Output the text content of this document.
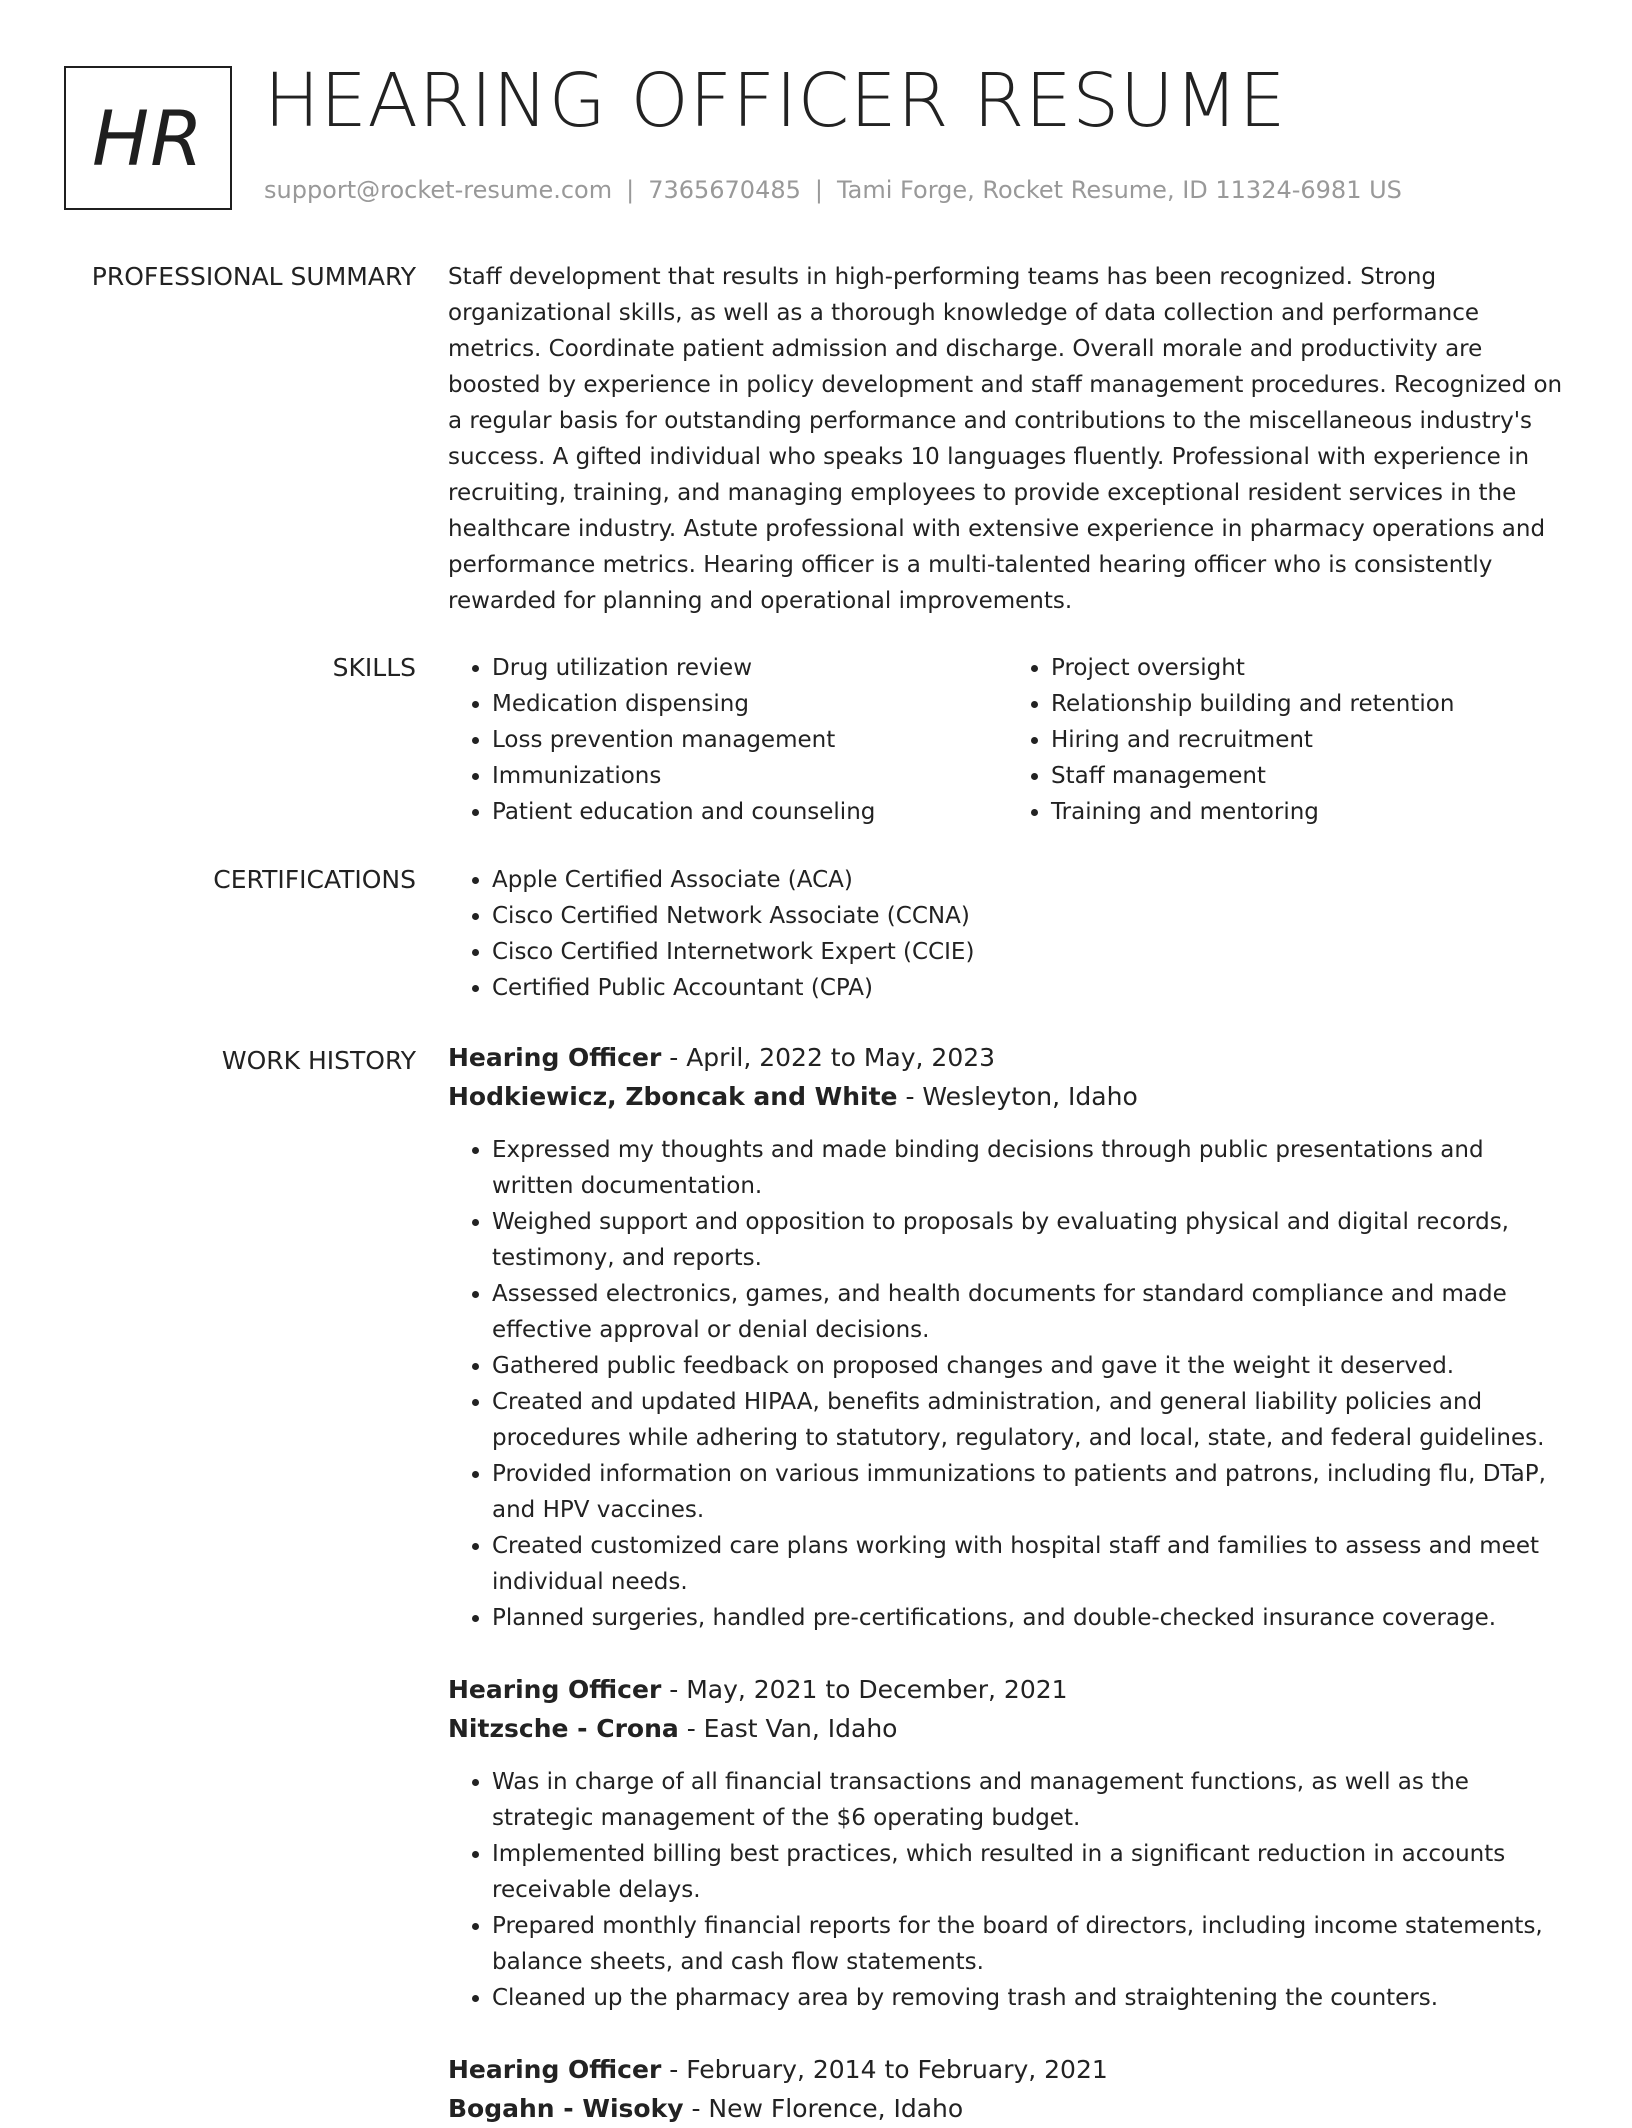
HR HEARING OFFICER RESUME
support@rocket-resume.com | 7365670485 | Tami Forge, Rocket Resume, ID 11324-6981 US
PROFESSIONAL SUMMARY Staff development that results in high-performing teams has been recognized. Strong organizational skills, as well as a thorough knowledge of data collection and performance metrics. Coordinate patient admission and discharge. Overall morale and productivity are boosted by experience in policy development and staff management procedures. Recognized on a regular basis for outstanding performance and contributions to the miscellaneous industry's success. A gifted individual who speaks 10 languages fluently. Professional with experience in recruiting, training, and managing employees to provide exceptional resident services in the healthcare industry. Astute professional with extensive experience in pharmacy operations and performance metrics. Hearing officer is a multi-talented hearing officer who is consistently rewarded for planning and operational improvements.

SKILLS	• Drug utilization review
• Medication dispensing
• Loss prevention management
• Immunizations
• Patient education and counseling
• Project oversight
• Relationship building and retention
• Hiring and recruitment
• Staff management
• Training and mentoring
CERTIFICATIONS	• Apple Certified Associate (ACA)
• Cisco Certified Network Associate (CCNA)
• Cisco Certified Internetwork Expert (CCIE)
• Certified Public Accountant (CPA)
WORK HISTORY Hearing Officer - April, 2022 to May, 2023
Hodkiewicz, Zboncak and White - Wesleyton, Idaho
• Expressed my thoughts and made binding decisions through public presentations and written documentation.
• Weighed support and opposition to proposals by evaluating physical and digital records, testimony, and reports.
• Assessed electronics, games, and health documents for standard compliance and made effective approval or denial decisions.
• Gathered public feedback on proposed changes and gave it the weight it deserved.
• Created and updated HIPAA, benefits administration, and general liability policies and procedures while adhering to statutory, regulatory, and local, state, and federal guidelines.
• Provided information on various immunizations to patients and patrons, including flu, DTaP, and HPV vaccines.
• Created customized care plans working with hospital staff and families to assess and meet individual needs.
• Planned surgeries, handled pre-certifications, and double-checked insurance coverage.
Hearing Officer - May, 2021 to December, 2021
Nitzsche - Crona - East Van, Idaho
• Was in charge of all financial transactions and management functions, as well as the strategic management of the $6 operating budget.
• Implemented billing best practices, which resulted in a significant reduction in accounts receivable delays.
• Prepared monthly financial reports for the board of directors, including income statements, balance sheets, and cash flow statements.
• Cleaned up the pharmacy area by removing trash and straightening the counters.
Hearing Officer - February, 2014 to February, 2021
Bogahn - Wisoky - New Florence, Idaho
